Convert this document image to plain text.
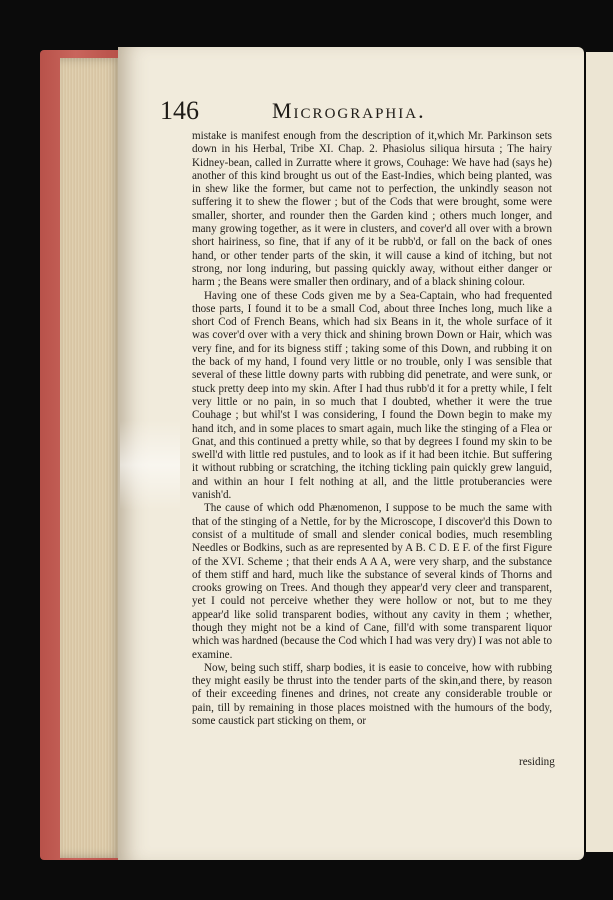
146	Micrographia.

mistake is manifest enough from the description of it,which Mr. Parkinson sets down in his Herbal, Tribe XI. Chap. 2. Phasiolus siliqua hirsuta ; The hairy Kidney-bean, called in Zurratte where it grows, Couhage: We have had (says he) another of this kind brought us out of the East-Indies, which being planted, was in shew like the former, but came not to perfection, the unkindly season not suffering it to shew the flower ; but of the Cods that were brought, some were smaller, shorter, and rounder then the Garden kind ; others much longer, and many growing together, as it were in clusters, and cover'd all over with a brown short hairiness, so fine, that if any of it be rubb'd, or fall on the back of ones hand, or other tender parts of the skin, it will cause a kind of itching, but not strong, nor long induring, but passing quickly away, without either danger or harm ; the Beans were smaller then ordinary, and of a black shining colour.

Having one of these Cods given me by a Sea-Captain, who had frequented those parts, I found it to be a small Cod, about three Inches long, much like a short Cod of French Beans, which had six Beans in it, the whole surface of it was cover'd over with a very thick and shining brown Down or Hair, which was very fine, and for its bigness stiff ; taking some of this Down, and rubbing it on the back of my hand, I found very little or no trouble, only I was sensible that several of these little downy parts with rubbing did penetrate, and were sunk, or stuck pretty deep into my skin. After I had thus rubb'd it for a pretty while, I felt very little or no pain, in so much that I doubted, whether it were the true Couhage ; but whil'st I was considering, I found the Down begin to make my hand itch, and in some places to smart again, much like the stinging of a Flea or Gnat, and this continued a pretty while, so that by degrees I found my skin to be swell'd with little red pustules, and to look as if it had been itchie. But suffering it without rubbing or scratching, the itching tickling pain quickly grew languid, and within an hour I felt nothing at all, and the little protuberancies were vanish'd.

The cause of which odd Phænomenon, I suppose to be much the same with that of the stinging of a Nettle, for by the Microscope, I discover'd this Down to consist of a multitude of small and slender conical bodies, much resembling Needles or Bodkins, such as are represented by A B. C D. E F. of the first Figure of the XVI. Scheme ; that their ends A A A, were very sharp, and the substance of them stiff and hard, much like the substance of several kinds of Thorns and crooks growing on Trees. And though they appear'd very cleer and transparent, yet I could not perceive whether they were hollow or not, but to me they appear'd like solid transparent bodies, without any cavity in them ; whether, though they might not be a kind of Cane, fill'd with some transparent liquor which was hardned (because the Cod which I had was very dry) I was not able to examine.

Now, being such stiff, sharp bodies, it is easie to conceive, how with rubbing they might easily be thrust into the tender parts of the skin,and there, by reason of their exceeding finenes and drines, not create any considerable trouble or pain, till by remaining in those places moistned with the humours of the body, some caustick part sticking on them, or

residing
